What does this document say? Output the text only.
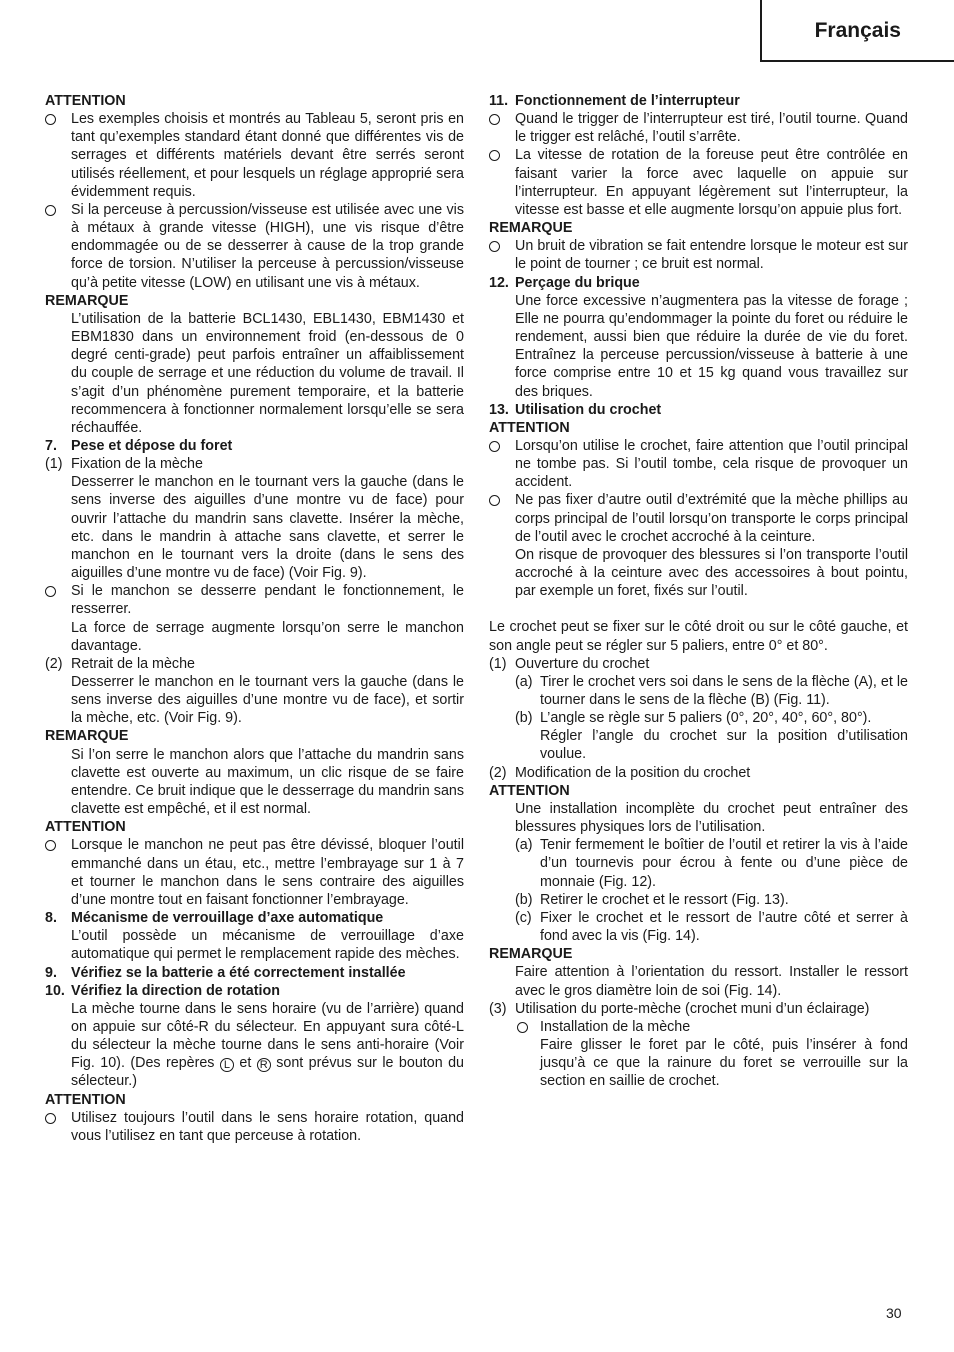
Français

ATTENTION

Les exemples choisis et montrés au Tableau 5, seront pris en tant qu’exemples standard étant donné que différentes vis de serrages et différents matériels devant être serrés seront utilisés réellement, et pour lesquels un réglage approprié sera évidemment requis.
Si la perceuse à percussion/visseuse est utilisée avec une vis à métaux à grande vitesse (HIGH), une vis risque d’être endommagée ou de se desserrer à cause de la trop grande force de torsion. N’utiliser la perceuse à percussion/visseuse qu’à petite vitesse (LOW) en utilisant une vis à métaux.

REMARQUE

L’utilisation de la batterie BCL1430, EBL1430, EBM1430 et EBM1830 dans un environnement froid (en-dessous de 0 degré centi-grade) peut parfois entraîner un affaiblissement du couple de serrage et une réduction du volume de travail. Il s’agit d’un phénomène purement temporaire, et la batterie recommencera à fonctionner normalement lorsqu’elle se sera réchauffée.

7. Pese et dépose du foret
(1) Fixation de la mèche

Desserrer le manchon en le tournant vers la gauche (dans le sens inverse des aiguilles d’une montre vu de face) pour ouvrir l’attache du mandrin sans clavette. Insérer la mèche, etc. dans le mandrin à attache sans clavette, et serrer le manchon en le tournant vers la droite (dans le sens des aiguilles d’une montre vu de face) (Voir Fig. 9).

Si le manchon se desserre pendant le fonctionnement, le resserrer.

La force de serrage augmente lorsqu’on serre le manchon davantage.

(2) Retrait de la mèche

Desserrer le manchon en le tournant vers la gauche (dans le sens inverse des aiguilles d’une montre vu de face), et sortir la mèche, etc. (Voir Fig. 9).

REMARQUE

Si l’on serre le manchon alors que l’attache du mandrin sans clavette est ouverte au maximum, un clic risque de se faire entendre. Ce bruit indique que le desserrage du mandrin sans clavette est empêché, et il est normal.

ATTENTION

Lorsque le manchon ne peut pas être dévissé, bloquer l’outil emmanché dans un étau, etc., mettre l’embrayage sur 1 à 7 et tourner le manchon dans le sens contraire des aiguilles d’une montre tout en faisant fonctionner l’embrayage.
8. Mécanisme de verrouillage d’axe automatique

L’outil possède un mécanisme de verrouillage d’axe automatique qui permet le remplacement rapide des mèches.

9. Vérifiez se la batterie a été correctement installée
10. Vérifiez la direction de rotation

La mèche tourne dans le sens horaire (vu de l’arrière) quand on appuie sur côté-R du sélecteur. En appuyant sura côté-L du sélecteur la mèche tourne dans le sens anti-horaire (Voir Fig. 10). (Des repères L et R sont prévus sur le bouton du sélecteur.)

ATTENTION

Utilisez toujours l’outil dans le sens horaire rotation, quand vous l’utilisez en tant que perceuse à rotation.
11. Fonctionnement de l’interrupteur
Quand le trigger de l’interrupteur est tiré, l’outil tourne. Quand le trigger est relâché, l’outil s’arrête.
La vitesse de rotation de la foreuse peut être contrôlée en faisant varier la force avec laquelle on appuie sur l’interrupteur. En appuyant légèrement sut l’interrupteur, la vitesse est basse et elle augmente lorsqu’on appuie plus fort.

REMARQUE

Un bruit de vibration se fait entendre lorsque le moteur est sur le point de tourner ; ce bruit est normal.
12. Perçage du brique

Une force excessive n’augmentera pas la vitesse de forage ; Elle ne pourra qu’endommager la pointe du foret ou réduire le rendement, aussi bien que réduire la durée de vie du foret. Entraînez la perceuse percussion/visseuse à batterie à une force comprise entre 10 et 15 kg quand vous travaillez sur des briques.

13. Utilisation du crochet

ATTENTION

Lorsqu’on utilise le crochet, faire attention que l’outil principal ne tombe pas. Si l’outil tombe, cela risque de provoquer un accident.
Ne pas fixer d’autre outil d’extrémité que la mèche phillips au corps principal de l’outil lorsqu’on transporte le corps principal de l’outil avec le crochet accroché à la ceinture.

On risque de provoquer des blessures si l’on transporte l’outil accroché à la ceinture avec des accessoires à bout pointu, par exemple un foret, fixés sur l’outil.

Le crochet peut se fixer sur le côté droit ou sur le côté gauche, et son angle peut se régler sur 5 paliers, entre 0° et 80°.

(1) Ouverture du crochet
(a) Tirer le crochet vers soi dans le sens de la flèche (A), et le tourner dans le sens de la flèche (B) (Fig. 11).
(b) L’angle se règle sur 5 paliers (0°, 20°, 40°, 60°, 80°).

Régler l’angle du crochet sur la position d’utilisation voulue.

(2) Modification de la position du crochet

ATTENTION

Une installation incomplète du crochet peut entraîner des blessures physiques lors de l’utilisation.

(a) Tenir fermement le boîtier de l’outil et retirer la vis à l’aide d’un tournevis pour écrou à fente ou d’une pièce de monnaie (Fig. 12).
(b) Retirer le crochet et le ressort (Fig. 13).
(c) Fixer le crochet et le ressort de l’autre côté et serrer à fond avec la vis (Fig. 14).

REMARQUE

Faire attention à l’orientation du ressort. Installer le ressort avec le gros diamètre loin de soi (Fig. 14).

(3) Utilisation du porte-mèche (crochet muni d’un éclairage)
Installation de la mèche

Faire glisser le foret par le côté, puis l’insérer à fond jusqu’à ce que la rainure du foret se verrouille sur la section en saillie de crochet.

30
